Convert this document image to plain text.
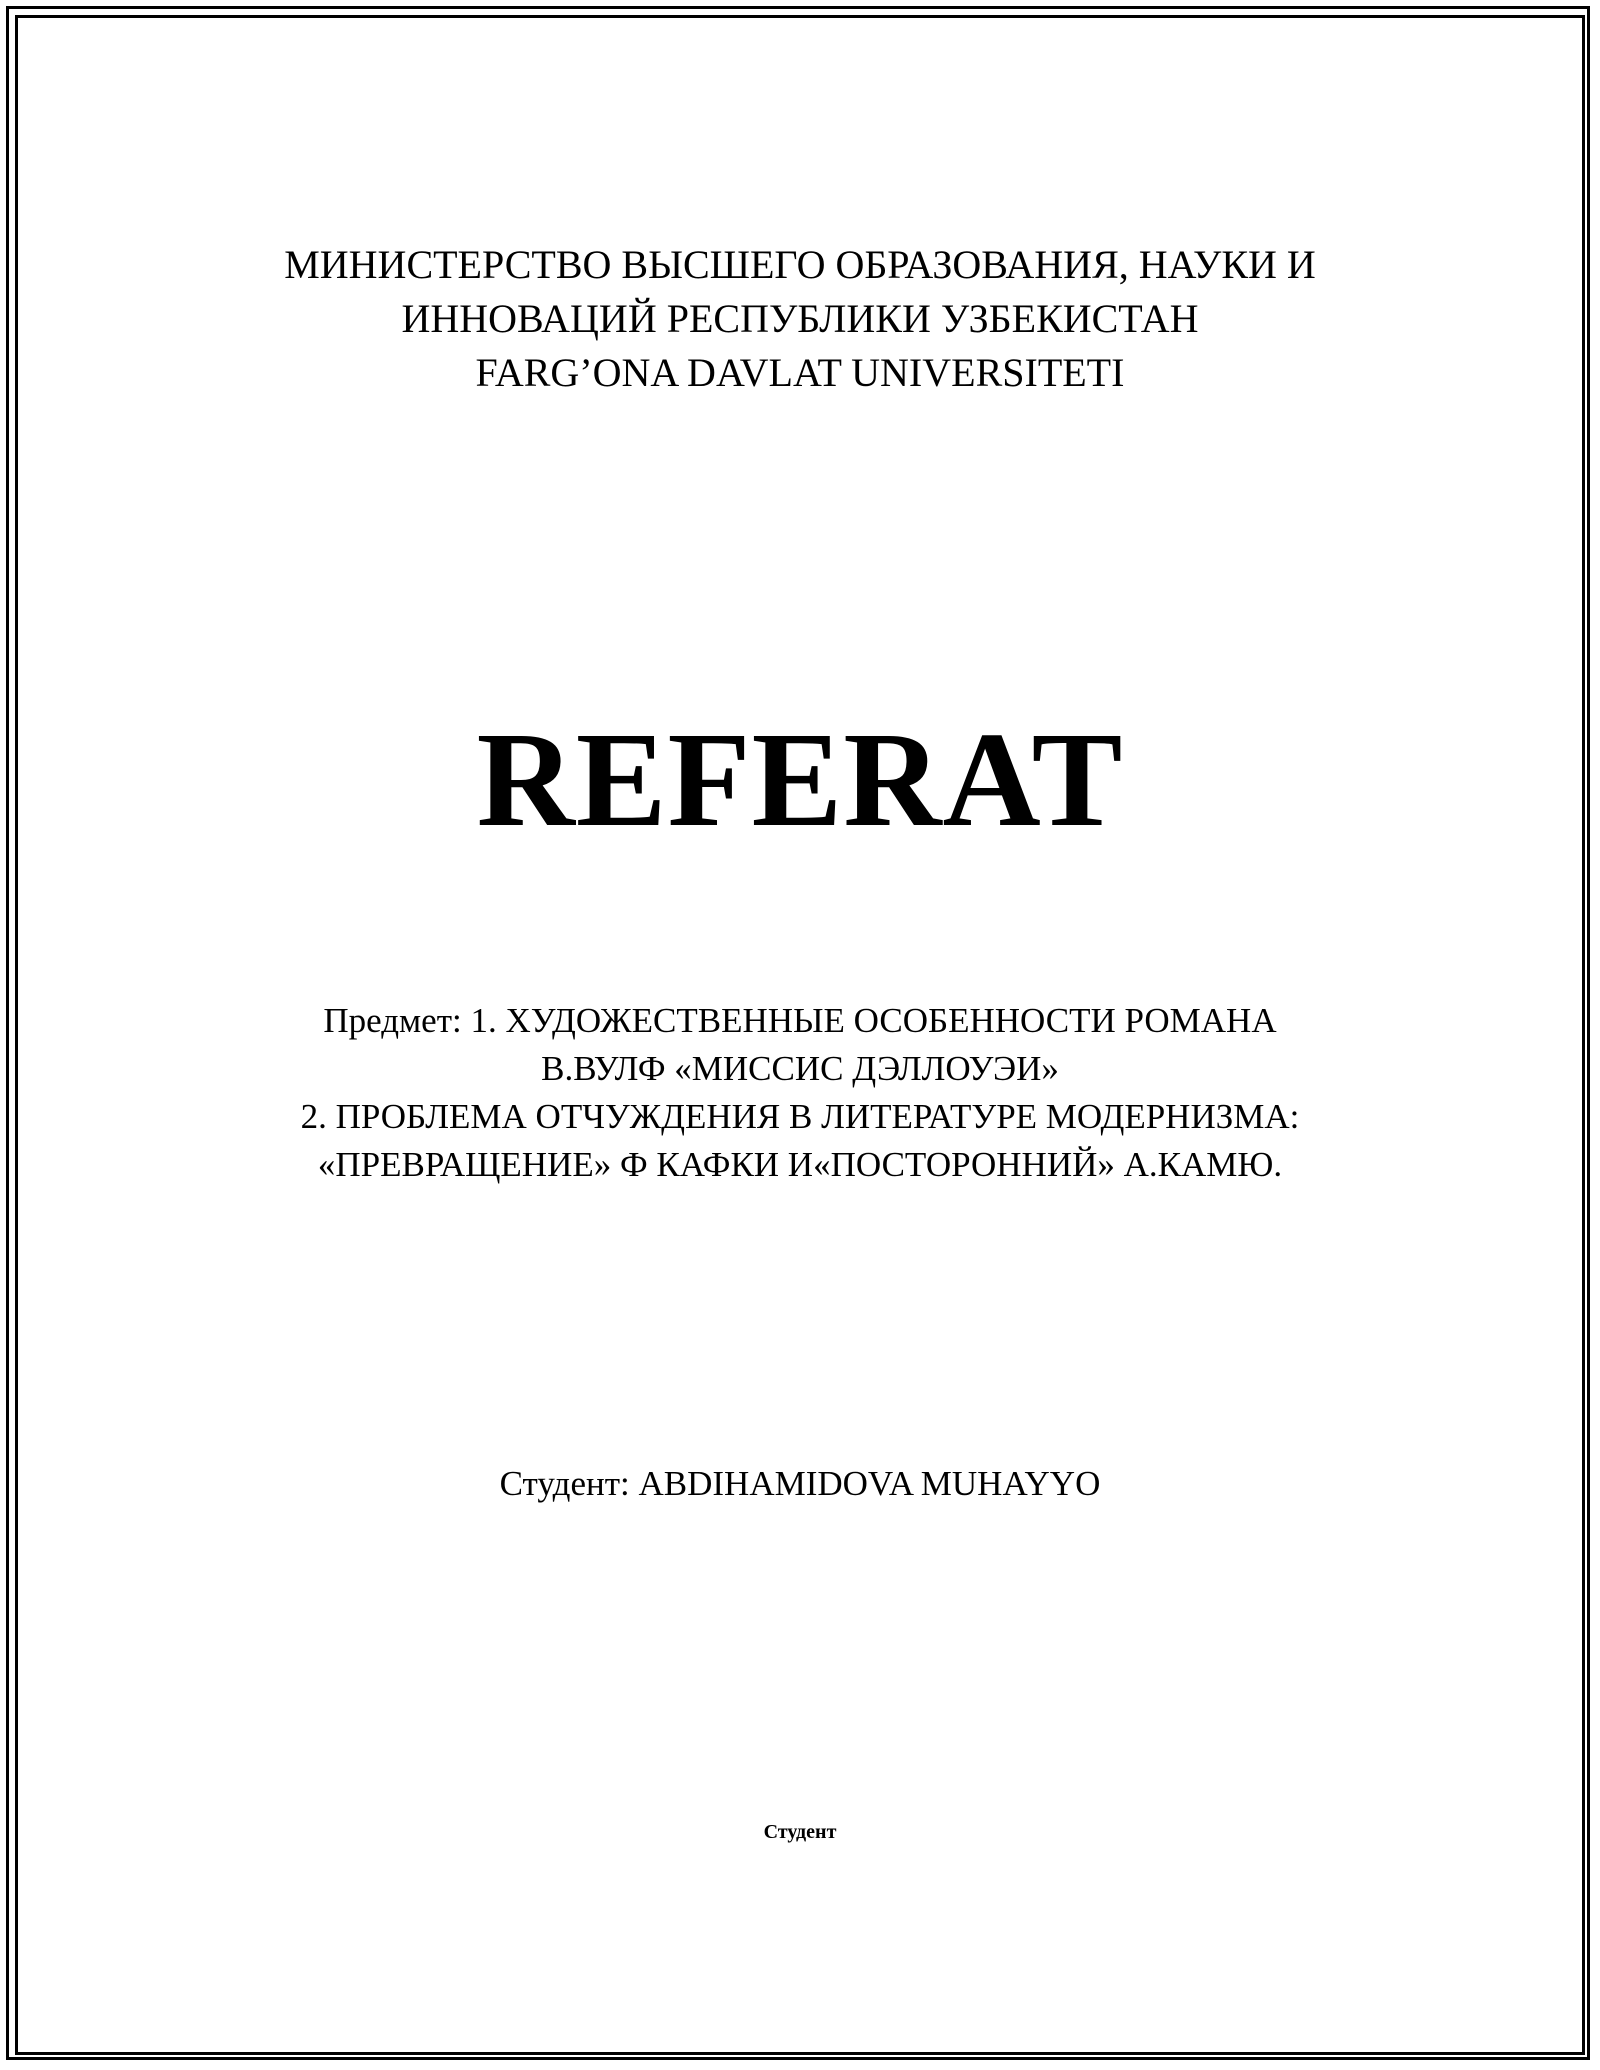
МИНИСТЕРСТВО ВЫСШЕГО ОБРАЗОВАНИЯ, НАУКИ И
ИННОВАЦИЙ РЕСПУБЛИКИ УЗБЕКИСТАН
FARG’ONA DAVLAT UNIVERSITETI
REFERAT
Предмет: 1. ХУДОЖЕСТВЕННЫЕ ОСОБЕННОСТИ РОМАНА
В.ВУЛФ «МИССИС ДЭЛЛОУЭИ»
2. ПРОБЛЕМА ОТЧУЖДЕНИЯ В ЛИТЕРАТУРЕ МОДЕРНИЗМА:
«ПРЕВРАЩЕНИЕ» Ф КАФКИ И«ПОСТОРОННИЙ» А.КАМЮ.
Студент: ABDIHAMIDOVA MUHAYYO
Студент
